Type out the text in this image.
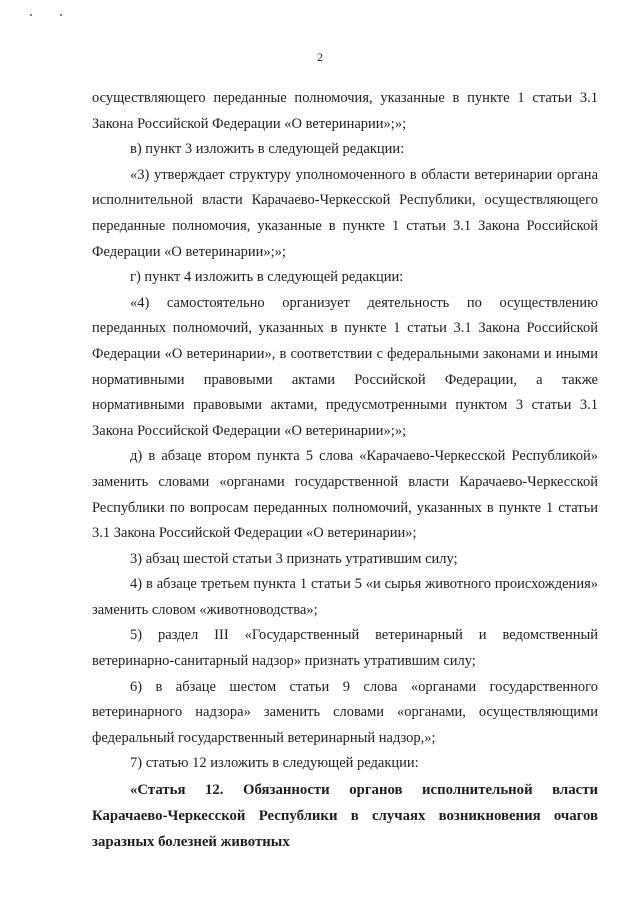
2

осуществляющего переданные полномочия, указанные в пункте 1 статьи 3.1 Закона Российской Федерации «О ветеринарии»;»;

в) пункт 3 изложить в следующей редакции:

«3) утверждает структуру уполномоченного в области ветеринарии органа исполнительной власти Карачаево-Черкесской Республики, осуществляющего переданные полномочия, указанные в пункте 1 статьи 3.1 Закона Российской Федерации «О ветеринарии»;»;

г) пункт 4 изложить в следующей редакции:

«4) самостоятельно организует деятельность по осуществлению переданных полномочий, указанных в пункте 1 статьи 3.1 Закона Российской Федерации «О ветеринарии», в соответствии с федеральными законами и иными нормативными правовыми актами Российской Федерации, а также нормативными правовыми актами, предусмотренными пунктом 3 статьи 3.1 Закона Российской Федерации «О ветеринарии»;»;

д) в абзаце втором пункта 5 слова «Карачаево-Черкесской Республикой» заменить словами «органами государственной власти Карачаево-Черкесской Республики по вопросам переданных полномочий, указанных в пункте 1 статьи 3.1 Закона Российской Федерации «О ветеринарии»;

3) абзац шестой статьи 3 признать утратившим силу;

4) в абзаце третьем пункта 1 статьи 5 «и сырья животного происхождения» заменить словом «животноводства»;

5) раздел III «Государственный ветеринарный и ведомственный ветеринарно-санитарный надзор» признать утратившим силу;

6) в абзаце шестом статьи 9 слова «органами государственного ветеринарного надзора» заменить словами «органами, осуществляющими федеральный государственный ветеринарный надзор,»;

7) статью 12 изложить в следующей редакции:

«Статья 12. Обязанности органов исполнительной власти Карачаево-Черкесской Республики в случаях возникновения очагов заразных болезней животных
